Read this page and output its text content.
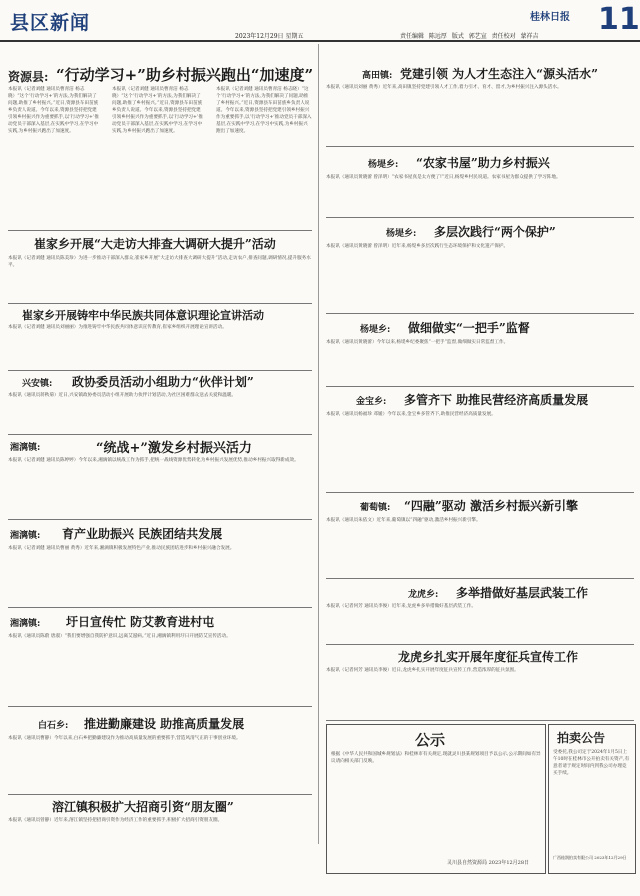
县区新闻
2023年12月29日 星期五	责任编辑 陈远厚 版式 郭艺宣 责任校对 蒙祥吉
桂林日报 11
资源县: “行动学习+”助乡村振兴跑出“加速度”
本报讯（记者刘健 通讯员曹青洁 杨志晓）“这个‘行动学习+’的方法,为我们解决了问题,助推了乡村振兴。”近日,资源县车田苗族乡负责人说道。今年以来,资源县坚持把党建引领乡村振兴作为重要抓手,以‘行动学习+’推动党员干部深入基层,在实践中学习,在学习中实践,为乡村振兴跑出了加速度。
本报讯（记者刘健 通讯员曹青洁 杨志晓）“这个‘行动学习+’的方法,为我们解决了问题,助推了乡村振兴。”近日,资源县车田苗族乡负责人说道。今年以来,资源县坚持把党建引领乡村振兴作为重要抓手,以‘行动学习+’推动党员干部深入基层,在实践中学习,在学习中实践,为乡村振兴跑出了加速度。
本报讯（记者刘健 通讯员曹青洁 杨志晓）“这个‘行动学习+’的方法,为我们解决了问题,助推了乡村振兴。”近日,资源县车田苗族乡负责人说道。今年以来,资源县坚持把党建引领乡村振兴作为重要抓手,以‘行动学习+’推动党员干部深入基层,在实践中学习,在学习中实践,为乡村振兴跑出了加速度。
崔家乡开展“大走访大排查大调研大提升”活动
本报讯（记者刘健 通讯员陈美珍）为进一步推动干部深入群众,崔家乡开展“大走访大排查大调研大提升”活动,走访农户,排查问题,调研情况,提升服务水平。
崔家乡开展铸牢中华民族共同体意识理论宣讲活动
本报讯（记者刘健 通讯员刘丽丽）为推进铸牢中华民族共同体意识宣传教育,崔家乡组织开展理论宣讲活动。
兴安镇: 政协委员活动小组助力“伙伴计划”
本报讯（通讯员蒋秋菊）近日,兴安镇政协委员活动小组开展助力伙伴计划活动,为社区困难群众送去关爱和温暖。
湘漓镇:	“统战+”激发乡村振兴活力
本报讯（记者刘健 通讯员陈婷婷）今年以来,湘漓镇以统战工作为抓手,把统一战线资源优势转化为乡村振兴发展优势,推动乡村振兴取得新成效。
湘漓镇: 育产业助振兴 民族团结共发展
本报讯（记者刘健 通讯员曹丽 黄秀）近年来,湘漓镇积极发展特色产业,推动民族团结进步和乡村振兴融合发展。
湘漓镇: 圩日宣传忙 防艾教育进村屯
本报讯（通讯员陈蔚 唐淑）“我们要增强自我防护意识,远离艾滋病。”近日,湘漓镇利用圩日开展防艾宣传活动。
白石乡: 推进勤廉建设 助推高质量发展
本报讯（通讯员曹静）今年以来,白石乡把勤廉建设作为推动高质量发展的重要抓手,营造风清气正的干事创业环境。
溶江镇积极扩大招商引资“朋友圈”
本报讯（通讯员曾静）近年来,溶江镇坚持把招商引资作为经济工作的重要抓手,积极扩大招商引资朋友圈。
高田镇: 党建引领 为人才生态注入“源头活水”
本报讯（通讯员刘丽 黄秀）近年来,高田镇坚持党建引领人才工作,着力引才、育才、留才,为乡村振兴注入源头活水。
杨堤乡: “农家书屋”助力乡村振兴
本报讯（通讯员黄晓蕾 曾泽明）“农家书屋真是太方便了!”近日,杨堤乡村民说道。农家书屋为群众提供了学习阵地。
杨堤乡: 多层次践行“两个保护”
本报讯（通讯员黄晓蕾 曾泽明）近年来,杨堤乡多层次践行生态环境保护和文化遗产保护。
杨堤乡: 做细做实“一把手”监督
本报讯（通讯员黄晓蕾）今年以来,杨堤乡纪委聚焦“一把手”监督,做细做实日常监督工作。
金宝乡: 多管齐下 助推民营经济高质量发展
本报讯（通讯员杨福珍 邓媛）今年以来,金宝乡多管齐下,助推民营经济高质量发展。
葡萄镇: “四融”驱动 激活乡村振兴新引擎
本报讯（通讯员朱依文）近年来,葡萄镇以“四融”驱动,激活乡村振兴新引擎。
龙虎乡: 多举措做好基层武装工作
本报讯（记者何芳 通讯员李俊）近年来,龙虎乡多举措做好基层武装工作。
龙虎乡扎实开展年度征兵宣传工作
本报讯（记者何芳 通讯员李俊）近日,龙虎乡扎实开展年度征兵宣传工作,营造浓厚的征兵氛围。
公示
根据《中华人民共和国城乡规划法》和桂林市有关规定,现就灵川县某规划项目予以公示,公示期间如有异议请向相关部门反映。
灵川县自然资源局 2023年12月28日
拍卖公告
受委托,我公司定于2024年1月5日上午10时在桂林市公开拍卖有关资产,有意者请于规定时间内到我公司办理竞买手续。
广西桂润拍卖有限公司 2023年12月29日
